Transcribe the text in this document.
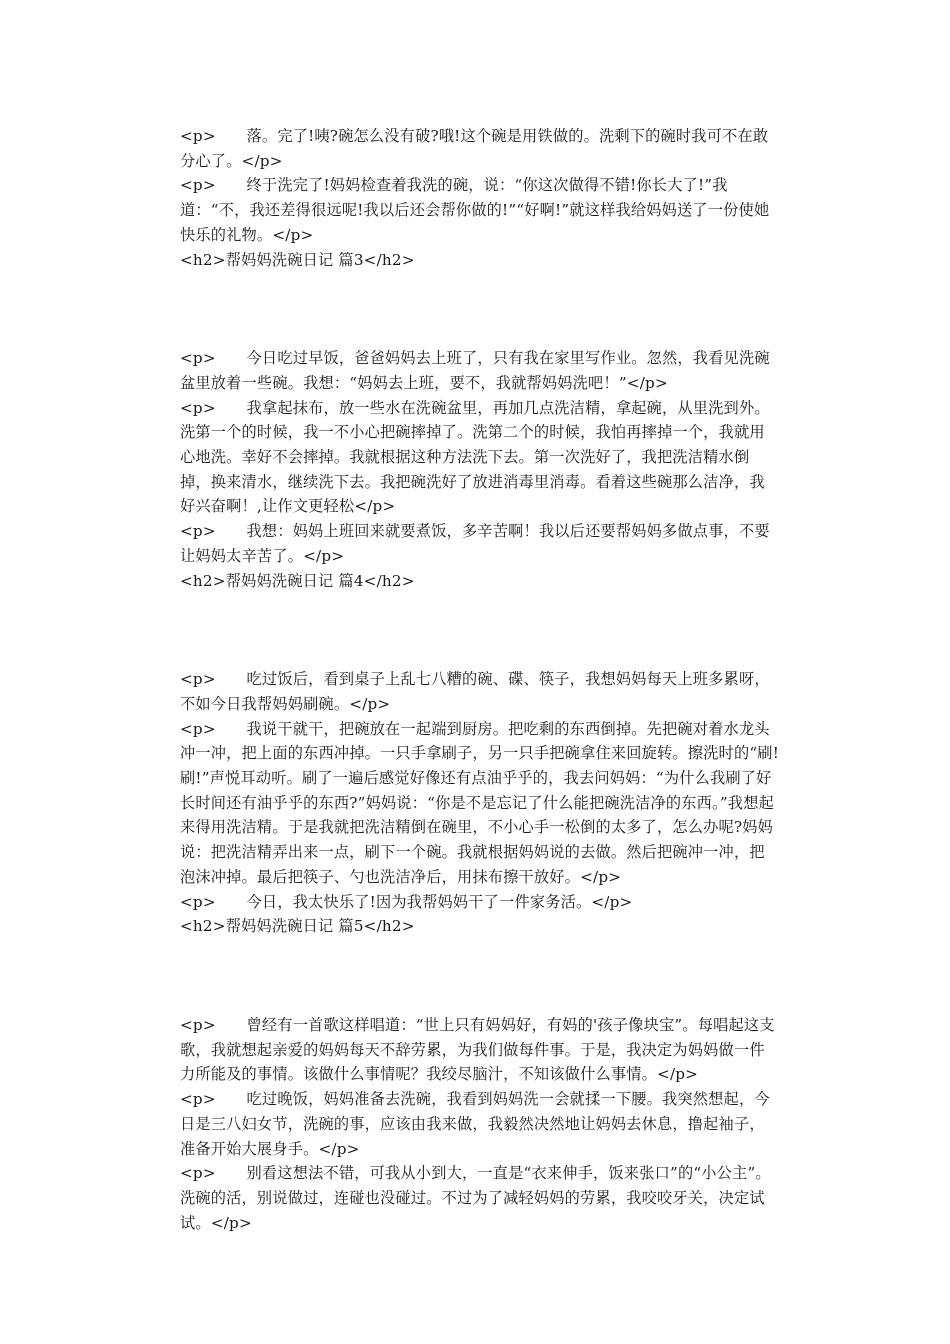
<p>　　落。完了!咦?碗怎么没有破?哦!这个碗是用铁做的。洗剩下的碗时我可不在敢分心了。</p>
<p>　　终于洗完了!妈妈检查着我洗的碗，说：“你这次做得不错!你长大了!”我道：“不，我还差得很远呢!我以后还会帮你做的!”“好啊!”就这样我给妈妈送了一份使她快乐的礼物。</p>
<h2>帮妈妈洗碗日记 篇3</h2>
<p>　　今日吃过早饭，爸爸妈妈去上班了，只有我在家里写作业。忽然，我看见洗碗盆里放着一些碗。我想：“妈妈去上班，要不，我就帮妈妈洗吧！”</p>
<p>　　我拿起抹布，放一些水在洗碗盆里，再加几点洗洁精，拿起碗，从里洗到外。洗第一个的时候，我一不小心把碗摔掉了。洗第二个的时候，我怕再摔掉一个，我就用心地洗。幸好不会摔掉。我就根据这种方法洗下去。第一次洗好了，我把洗洁精水倒掉，换来清水，继续洗下去。我把碗洗好了放进消毒里消毒。看着这些碗那么洁净，我好兴奋啊！,让作文更轻松</p>
<p>　　我想：妈妈上班回来就要煮饭，多辛苦啊！我以后还要帮妈妈多做点事，不要让妈妈太辛苦了。</p>
<h2>帮妈妈洗碗日记 篇4</h2>
<p>　　吃过饭后，看到桌子上乱七八糟的碗、碟、筷子，我想妈妈每天上班多累呀，不如今日我帮妈妈刷碗。</p>
<p>　　我说干就干，把碗放在一起端到厨房。把吃剩的东西倒掉。先把碗对着水龙头冲一冲，把上面的东西冲掉。一只手拿刷子，另一只手把碗拿住来回旋转。擦洗时的“刷!刷!”声悦耳动听。刷了一遍后感觉好像还有点油乎乎的，我去问妈妈：“为什么我刷了好长时间还有油乎乎的东西?”妈妈说：“你是不是忘记了什么能把碗洗洁净的东西。”我想起来得用洗洁精。于是我就把洗洁精倒在碗里，不小心手一松倒的太多了，怎么办呢?妈妈说：把洗洁精弄出来一点，刷下一个碗。我就根据妈妈说的去做。然后把碗冲一冲，把泡沫冲掉。最后把筷子、勺也洗洁净后，用抹布擦干放好。</p>
<p>　　今日，我太快乐了!因为我帮妈妈干了一件家务活。</p>
<h2>帮妈妈洗碗日记 篇5</h2>
<p>　　曾经有一首歌这样唱道：“世上只有妈妈好，有妈的'孩子像块宝”。每唱起这支歌，我就想起亲爱的妈妈每天不辞劳累，为我们做每件事。于是，我决定为妈妈做一件力所能及的事情。该做什么事情呢？我绞尽脑汁，不知该做什么事情。</p>
<p>　　吃过晚饭，妈妈准备去洗碗，我看到妈妈洗一会就揉一下腰。我突然想起，今日是三八妇女节，洗碗的事，应该由我来做，我毅然决然地让妈妈去休息，撸起袖子，准备开始大展身手。</p>
<p>　　别看这想法不错，可我从小到大，一直是“衣来伸手，饭来张口”的“小公主”。洗碗的活，别说做过，连碰也没碰过。不过为了减轻妈妈的劳累，我咬咬牙关，决定试试。</p>
